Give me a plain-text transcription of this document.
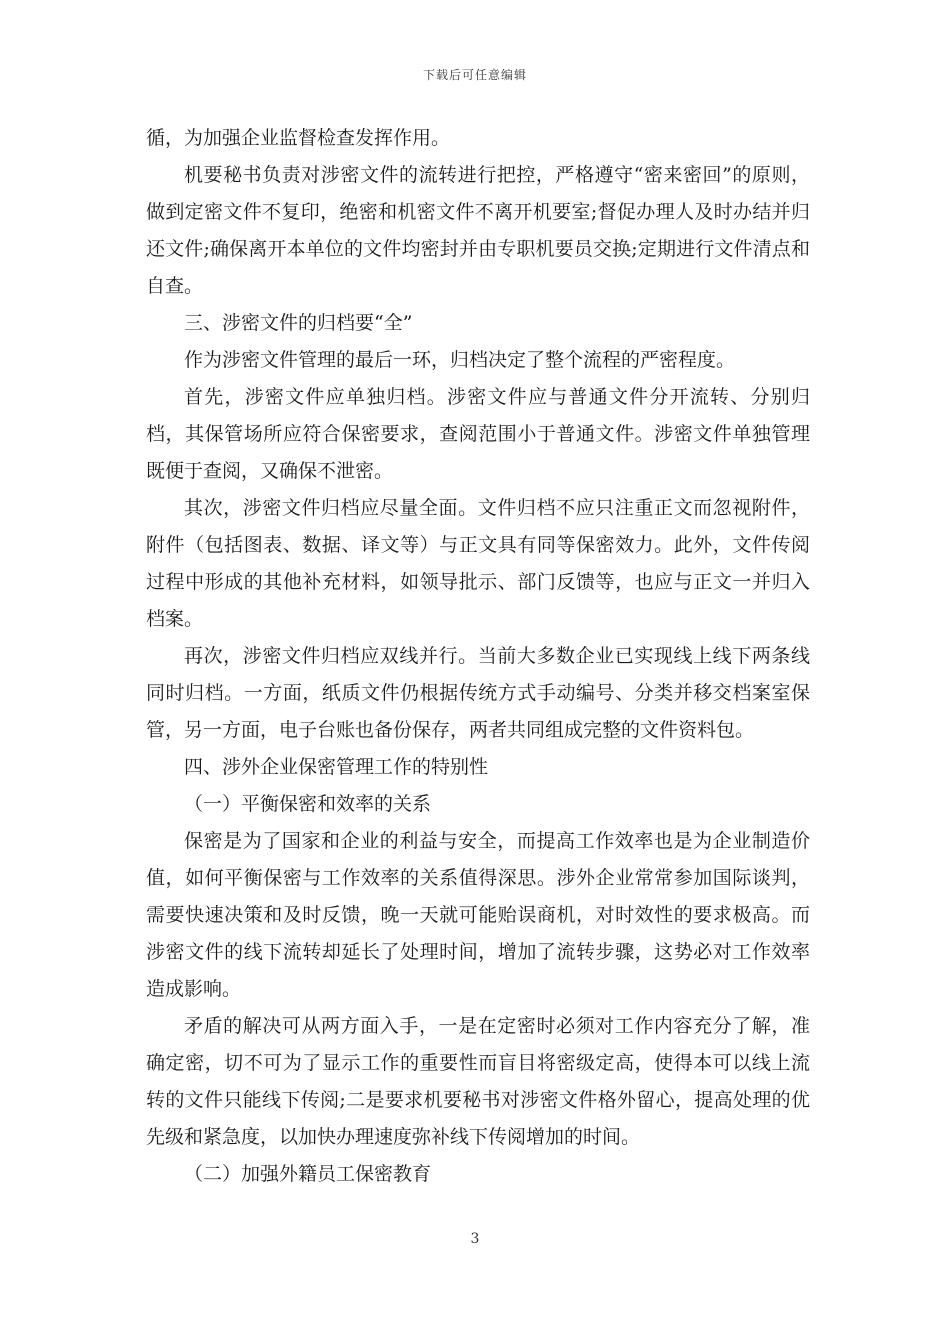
下载后可任意编辑

循，为加强企业监督检查发挥作用。

机要秘书负责对涉密文件的流转进行把控，严格遵守“密来密回”的原则，做到定密文件不复印，绝密和机密文件不离开机要室;督促办理人及时办结并归还文件;确保离开本单位的文件均密封并由专职机要员交换;定期进行文件清点和自查。

三、涉密文件的归档要“全”

作为涉密文件管理的最后一环，归档决定了整个流程的严密程度。

首先，涉密文件应单独归档。涉密文件应与普通文件分开流转、分别归档，其保管场所应符合保密要求，查阅范围小于普通文件。涉密文件单独管理既便于查阅，又确保不泄密。

其次，涉密文件归档应尽量全面。文件归档不应只注重正文而忽视附件，附件（包括图表、数据、译文等）与正文具有同等保密效力。此外，文件传阅过程中形成的其他补充材料，如领导批示、部门反馈等，也应与正文一并归入档案。

再次，涉密文件归档应双线并行。当前大多数企业已实现线上线下两条线同时归档。一方面，纸质文件仍根据传统方式手动编号、分类并移交档案室保管，另一方面，电子台账也备份保存，两者共同组成完整的文件资料包。

四、涉外企业保密管理工作的特别性

（一）平衡保密和效率的关系

保密是为了国家和企业的利益与安全，而提高工作效率也是为企业制造价值，如何平衡保密与工作效率的关系值得深思。涉外企业常常参加国际谈判，需要快速决策和及时反馈，晚一天就可能贻误商机，对时效性的要求极高。而涉密文件的线下流转却延长了处理时间，增加了流转步骤，这势必对工作效率造成影响。

矛盾的解决可从两方面入手，一是在定密时必须对工作内容充分了解，准确定密，切不可为了显示工作的重要性而盲目将密级定高，使得本可以线上流转的文件只能线下传阅;二是要求机要秘书对涉密文件格外留心，提高处理的优先级和紧急度，以加快办理速度弥补线下传阅增加的时间。

（二）加强外籍员工保密教育

3
